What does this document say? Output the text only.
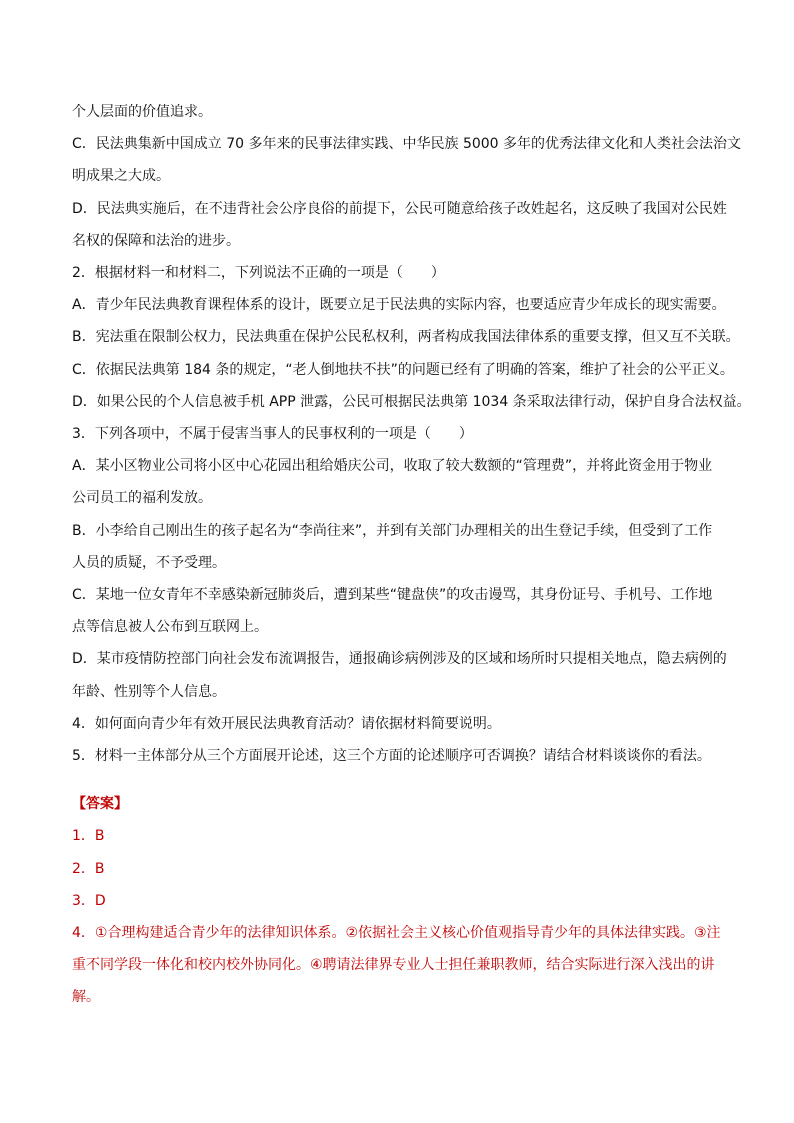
个人层面的价值追求。

C．民法典集新中国成立 70 多年来的民事法律实践、中华民族 5000 多年的优秀法律文化和人类社会法治文

明成果之大成。

D．民法典实施后，在不违背社会公序良俗的前提下，公民可随意给孩子改姓起名，这反映了我国对公民姓

名权的保障和法治的进步。

2．根据材料一和材料二，下列说法不正确的一项是（　　）

A．青少年民法典教育课程体系的设计，既要立足于民法典的实际内容，也要适应青少年成长的现实需要。

B．宪法重在限制公权力，民法典重在保护公民私权利，两者构成我国法律体系的重要支撑，但又互不关联。

C．依据民法典第 184 条的规定，“老人倒地扶不扶”的问题已经有了明确的答案，维护了社会的公平正义。

D．如果公民的个人信息被手机 APP 泄露，公民可根据民法典第 1034 条采取法律行动，保护自身合法权益。

3．下列各项中，不属于侵害当事人的民事权利的一项是（　　）

A．某小区物业公司将小区中心花园出租给婚庆公司，收取了较大数额的“管理费”，并将此资金用于物业

公司员工的福利发放。

B．小李给自己刚出生的孩子起名为“李尚往来”，并到有关部门办理相关的出生登记手续，但受到了工作

人员的质疑，不予受理。

C．某地一位女青年不幸感染新冠肺炎后，遭到某些“键盘侠”的攻击谩骂，其身份证号、手机号、工作地

点等信息被人公布到互联网上。

D．某市疫情防控部门向社会发布流调报告，通报确诊病例涉及的区域和场所时只提相关地点，隐去病例的

年龄、性别等个人信息。

4．如何面向青少年有效开展民法典教育活动？请依据材料简要说明。

5．材料一主体部分从三个方面展开论述，这三个方面的论述顺序可否调换？请结合材料谈谈你的看法。

【答案】

1．B

2．B

3．D

4．①合理构建适合青少年的法律知识体系。②依据社会主义核心价值观指导青少年的具体法律实践。③注

重不同学段一体化和校内校外协同化。④聘请法律界专业人士担任兼职教师，结合实际进行深入浅出的讲

解。
